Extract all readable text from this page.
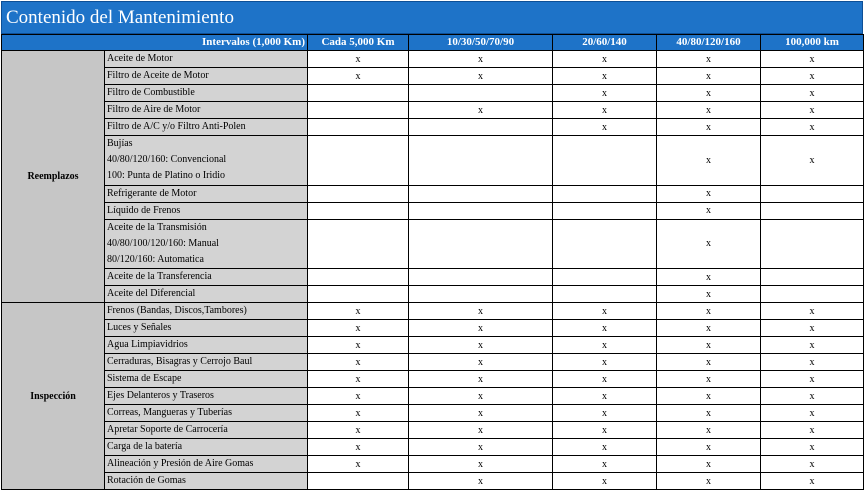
Contenido del Mantenimiento
Intervalos (1,000 Km)		Cada 5,000 Km	10/30/50/70/90	20/60/140	40/80/120/160	100,000 km
Reemplazos	Aceite de Motor	x	x	x	x	x

	Filtro de Aceite de Motor	x	x	x	x	x

	Filtro de Combustible			x	x	x

	Filtro de Aire de Motor		x	x	x	x

	Filtro de A/C y/o Filtro Anti-Polen			x	x	x

	Bujías
40/80/120/160: Convencional
100: Punta de Platino o Iridio				x	x

	Refrigerante de Motor				x	

	Líquido de Frenos				x	

	Aceite de la Transmisión
40/80/100/120/160: Manual
80/120/160: Automatica				x	

	Aceite de la Transferencia				x	

	Aceite del Diferencial				x	
Inspección	Frenos (Bandas, Discos,Tambores)	x	x	x	x	x

	Luces y Señales	x	x	x	x	x

	Agua Limpiavidrios	x	x	x	x	x

	Cerraduras, Bisagras y Cerrojo Baul	x	x	x	x	x

	Sistema de Escape	x	x	x	x	x

	Ejes Delanteros y Traseros	x	x	x	x	x

	Correas, Mangueras y Tuberías	x	x	x	x	x

	Apretar Soporte de Carrocería	x	x	x	x	x

	Carga de la batería	x	x	x	x	x

	Alineación y Presión de Aire Gomas	x	x	x	x	x

	Rotación de Gomas		x	x	x	x
